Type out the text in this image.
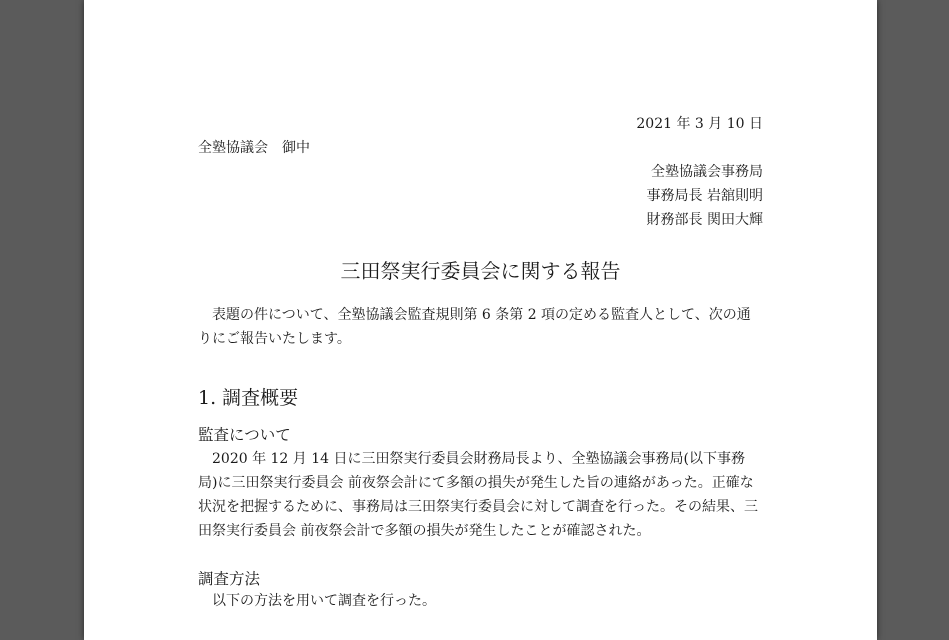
2021 年 3 月 10 日
全塾協議会　御中
全塾協議会事務局
事務局長 岩舘則明
財務部長 関田大輝
三田祭実行委員会に関する報告
表題の件について、全塾協議会監査規則第 6 条第 2 項の定める監査人として、次の通りにご報告いたします。
1. 調査概要
監査について
2020 年 12 月 14 日に三田祭実行委員会財務局長より、全塾協議会事務局(以下事務局)に三田祭実行委員会 前夜祭会計にて多額の損失が発生した旨の連絡があった。正確な状況を把握するために、事務局は三田祭実行委員会に対して調査を行った。その結果、三田祭実行委員会 前夜祭会計で多額の損失が発生したことが確認された。
調査方法
以下の方法を用いて調査を行った。
